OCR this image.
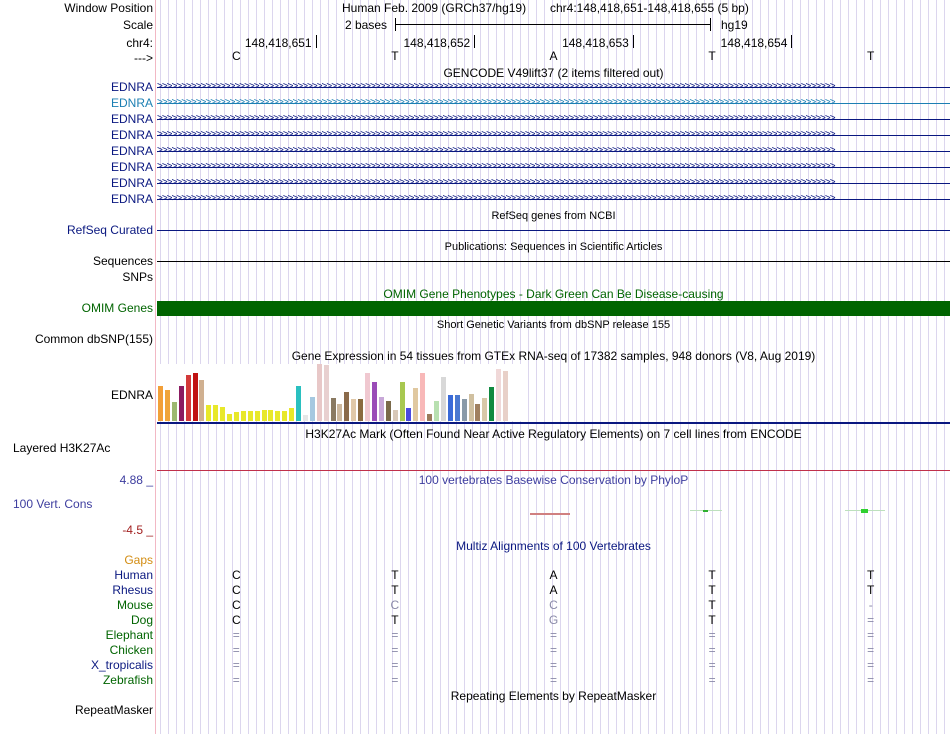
Window Position	Human Feb. 2009 (GRCh37/hg19) chr4:148,418,651-148,418,655 (5 bp)
Scale	2 bases	hg19
chr4:	148,418,651	148,418,652	148,418,653	148,418,654
--->	C	T	A	T	T
GENCODE V49lift37 (2 items filtered out)
EDNRA >>>>>>>>>>>>>>>>>>>>>>>>>>>>>>>>>>>>>>>>>>>>>>>>>>>>>>>>>>>>>>>>>>>>>>>>>>>>>>>>>>>>>>>>>>>>>>>>>>>>>>>>>>>>>>>>>>>>>>>>>>>>>>>>>>>>>>>>>>>>
EDNRA >>>>>>>>>>>>>>>>>>>>>>>>>>>>>>>>>>>>>>>>>>>>>>>>>>>>>>>>>>>>>>>>>>>>>>>>>>>>>>>>>>>>>>>>>>>>>>>>>>>>>>>>>>>>>>>>>>>>>>>>>>>>>>>>>>>>>>>>>>>>
EDNRA >>>>>>>>>>>>>>>>>>>>>>>>>>>>>>>>>>>>>>>>>>>>>>>>>>>>>>>>>>>>>>>>>>>>>>>>>>>>>>>>>>>>>>>>>>>>>>>>>>>>>>>>>>>>>>>>>>>>>>>>>>>>>>>>>>>>>>>>>>>>
EDNRA >>>>>>>>>>>>>>>>>>>>>>>>>>>>>>>>>>>>>>>>>>>>>>>>>>>>>>>>>>>>>>>>>>>>>>>>>>>>>>>>>>>>>>>>>>>>>>>>>>>>>>>>>>>>>>>>>>>>>>>>>>>>>>>>>>>>>>>>>>>>
EDNRA >>>>>>>>>>>>>>>>>>>>>>>>>>>>>>>>>>>>>>>>>>>>>>>>>>>>>>>>>>>>>>>>>>>>>>>>>>>>>>>>>>>>>>>>>>>>>>>>>>>>>>>>>>>>>>>>>>>>>>>>>>>>>>>>>>>>>>>>>>>>
EDNRA >>>>>>>>>>>>>>>>>>>>>>>>>>>>>>>>>>>>>>>>>>>>>>>>>>>>>>>>>>>>>>>>>>>>>>>>>>>>>>>>>>>>>>>>>>>>>>>>>>>>>>>>>>>>>>>>>>>>>>>>>>>>>>>>>>>>>>>>>>>>
EDNRA >>>>>>>>>>>>>>>>>>>>>>>>>>>>>>>>>>>>>>>>>>>>>>>>>>>>>>>>>>>>>>>>>>>>>>>>>>>>>>>>>>>>>>>>>>>>>>>>>>>>>>>>>>>>>>>>>>>>>>>>>>>>>>>>>>>>>>>>>>>>
EDNRA >>>>>>>>>>>>>>>>>>>>>>>>>>>>>>>>>>>>>>>>>>>>>>>>>>>>>>>>>>>>>>>>>>>>>>>>>>>>>>>>>>>>>>>>>>>>>>>>>>>>>>>>>>>>>>>>>>>>>>>>>>>>>>>>>>>>>>>>>>>>
RefSeq genes from NCBI
RefSeq Curated
Publications: Sequences in Scientific Articles
Sequences
SNPs
OMIM Gene Phenotypes - Dark Green Can Be Disease-causing
OMIM Genes
Short Genetic Variants from dbSNP release 155
Common dbSNP(155)
Gene Expression in 54 tissues from GTEx RNA-seq of 17382 samples, 948 donors (V8, Aug 2019)
EDNRA
H3K27Ac Mark (Often Found Near Active Regulatory Elements) on 7 cell lines from ENCODE
Layered H3K27Ac
4.88 _	100 vertebrates Basewise Conservation by PhyloP
100 Vert. Cons
-4.5 _
Multiz Alignments of 100 Vertebrates
Gaps
Human	C	T	A	T	T
Rhesus	C	T	A	T	T
Mouse	C	C	C	T	-
Dog	C	T	G	T	=
Elephant	=	=	=	=	=
Chicken	=	=	=	=	=
X_tropicalis	=	=	=	=	=
Zebrafish	=	=	=	=	=
Repeating Elements by RepeatMasker
RepeatMasker
